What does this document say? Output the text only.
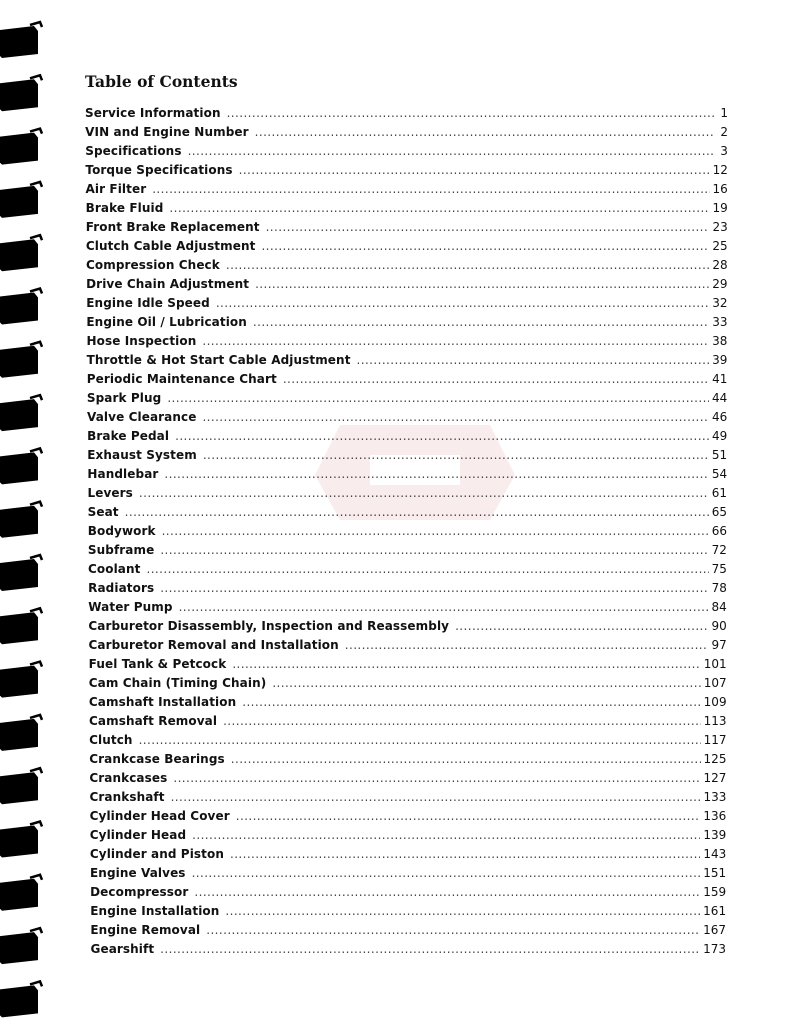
Table of Contents
Service Information .....	1
VIN and Engine Number .....	2
Specifications .....	3
Torque Specifications .....	12
Air Filter .....	16
Brake Fluid .....	19
Front Brake Replacement .....	23
Clutch Cable Adjustment .....	25
Compression Check .....	28
Drive Chain Adjustment .....	29
Engine Idle Speed .....	32
Engine Oil / Lubrication .....	33
Hose Inspection .....	38
Throttle & Hot Start Cable Adjustment .....	39
Periodic Maintenance Chart .....	41
Spark Plug .....	44
Valve Clearance .....	46
Brake Pedal .....	49
Exhaust System .....	51
Handlebar .....	54
Levers .....	61
Seat .....	65
Bodywork .....	66
Subframe .....	72
Coolant .....	75
Radiators .....	78
Water Pump .....	84
Carburetor Disassembly, Inspection and Reassembly .....	90
Carburetor Removal and Installation .....	97
Fuel Tank & Petcock .....	101
Cam Chain (Timing Chain) .....	107
Camshaft Installation .....	109
Camshaft Removal .....	113
Clutch .....	117
Crankcase Bearings .....	125
Crankcases .....	127
Crankshaft .....	133
Cylinder Head Cover .....	136
Cylinder Head .....	139
Cylinder and Piston .....	143
Engine Valves .....	151
Decompressor .....	159
Engine Installation .....	161
Engine Removal .....	167
Gearshift .....	173
